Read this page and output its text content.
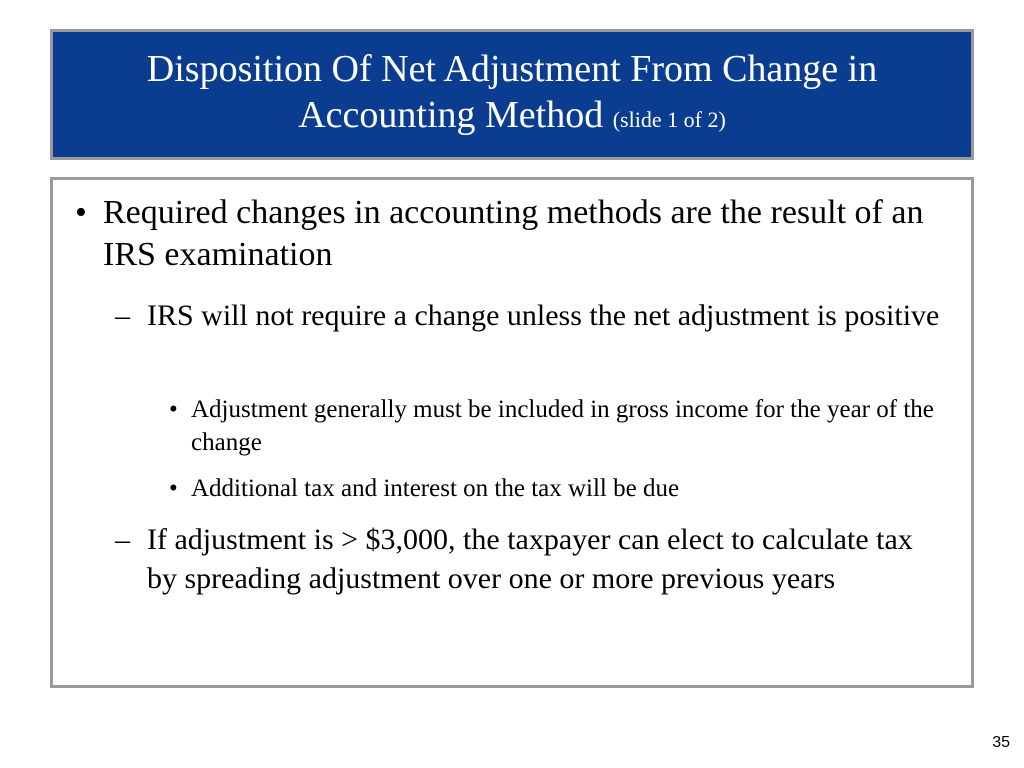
Disposition Of Net Adjustment From Change in
Accounting Method (slide 1 of 2)
• Required changes in accounting methods are the result of an IRS examination
– IRS will not require a change unless the net adjustment is positive
• Adjustment generally must be included in gross income for the year of the change
• Additional tax and interest on the tax will be due
– If adjustment is > $3,000, the taxpayer can elect to calculate tax by spreading adjustment over one or more previous years
35
